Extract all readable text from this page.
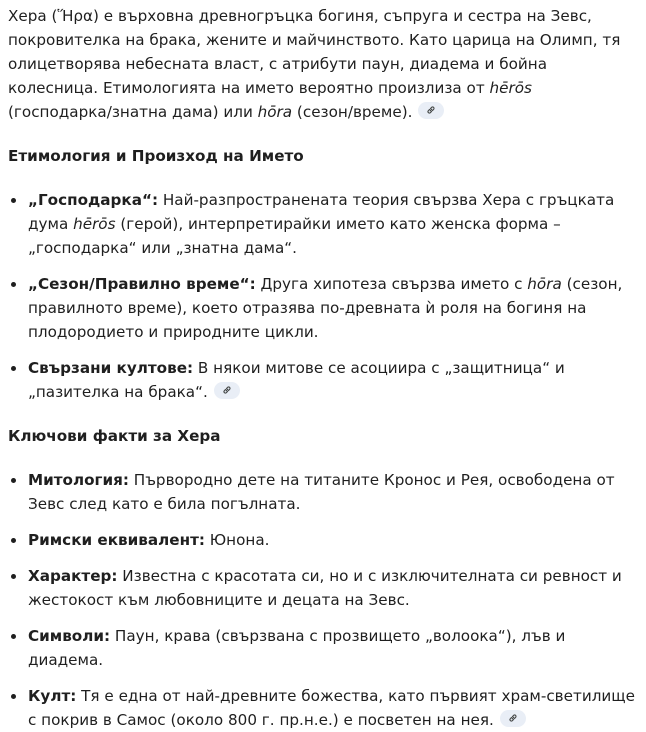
Хера (Ἥρα) е върховна древногръцка богиня, съпруга и сестра на Зевс, покровителка на брака, жените и майчинството. Като царица на Олимп, тя олицетворява небесната власт, с атрибути паун, диадема и бойна колесница. Етимологията на името вероятно произлиза от hērōs (господарка/знатна дама) или hōra (сезон/време).

Етимология и Произход на Името
„Господарка“: Най-разпространената теория свързва Хера с гръцката дума hērōs (герой), интерпретирайки името като женска форма – „господарка“ или „знатна дама“.
„Сезон/Правилно време“: Друга хипотеза свързва името с hōra (сезон, правилното време), което отразява по-древната ѝ роля на богиня на плодородието и природните цикли.
Свързани култове: В някои митове се асоциира с „защитница“ и „пазителка на брака“.
Ключови факти за Хера
Митология: Първородно дете на титаните Кронос и Рея, освободена от Зевс след като е била погълната.
Римски еквивалент: Юнона.
Характер: Известна с красотата си, но и с изключителната си ревност и жестокост към любовниците и децата на Зевс.
Символи: Паун, крава (свързвана с прозвището „волоока“), лъв и диадема.
Култ: Тя е една от най-древните божества, като първият храм-светилище с покрив в Самос (около 800 г. пр.н.е.) е посветен на нея.
